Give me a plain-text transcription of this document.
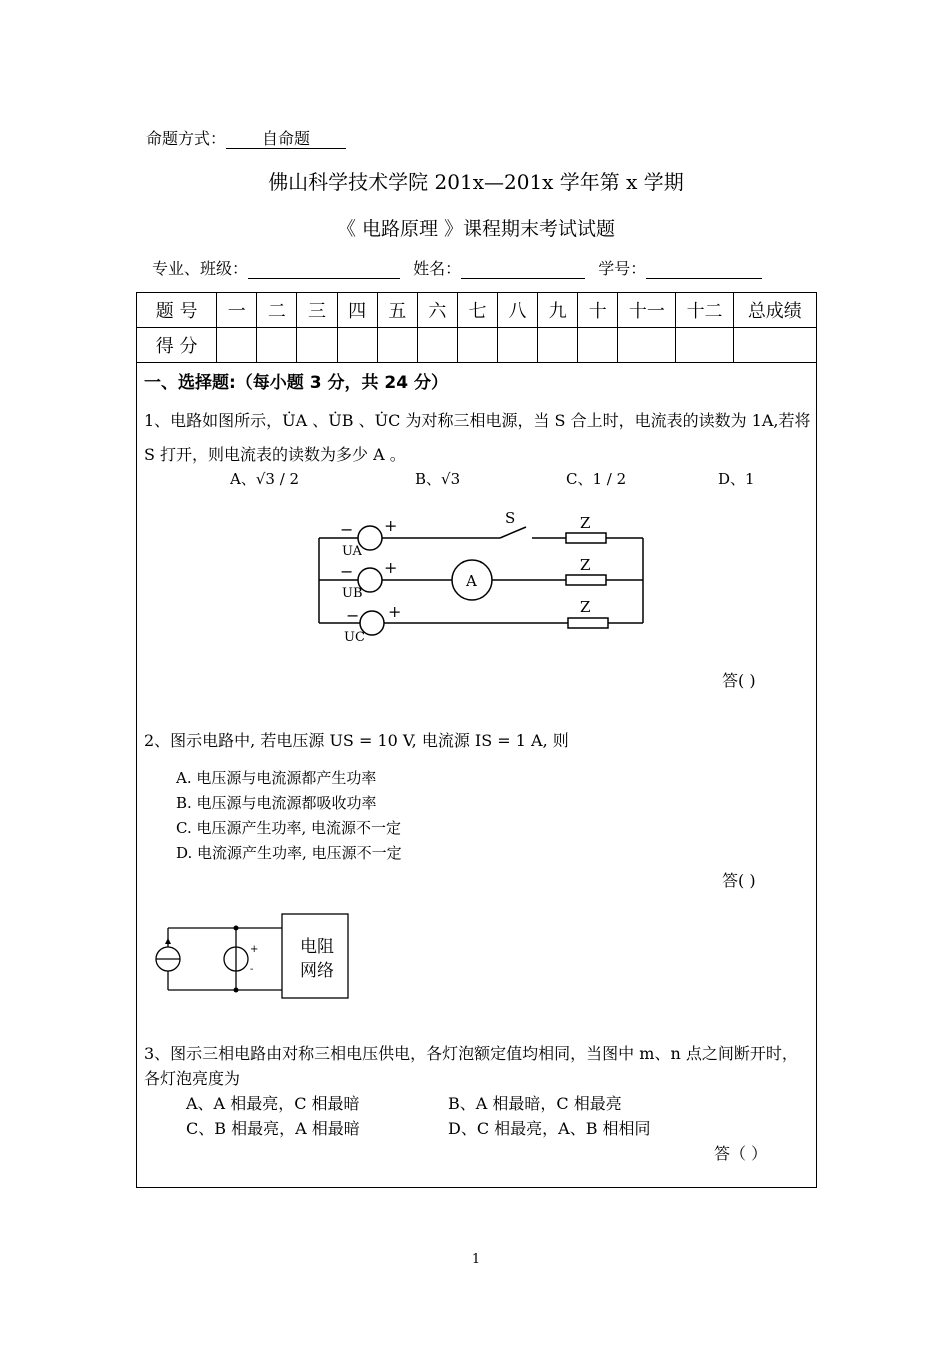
命题方式： 自命题
佛山科学技术学院 201x—201x 学年第 x 学期
《 电路原理 》课程期末考试试题
专业、班级：	姓名：	学号：
题 号	一	二	三	四	五	六	七	八	九	十	十一	十二	总成绩
得 分													
一、选择题:（每小题 3 分，共 24 分）
1、电路如图所示，U̇A 、U̇B 、U̇C 为对称三相电源，当 S 合上时，电流表的读数为 1A,若将
S 打开，则电流表的读数为多少 A 。
A、√3 / 2	B、√3	C、1 / 2	D、1
S	Z
Z
Z
A
− +
− +
− +
UA
UB
UC
答( )
2、图示电路中, 若电压源 US = 10 V, 电流源 IS = 1 A, 则
A. 电压源与电流源都产生功率
B. 电压源与电流源都吸收功率
C. 电压源产生功率, 电流源不一定
D. 电流源产生功率, 电压源不一定
答( )
+
-
电阻
网络
3、图示三相电路由对称三相电压供电，各灯泡额定值均相同，当图中 m、n 点之间断开时，
各灯泡亮度为
A、A 相最亮，C 相最暗	B、A 相最暗，C 相最亮
C、B 相最亮，A 相最暗	D、C 相最亮，A、B 相相同
答（ ）
1
